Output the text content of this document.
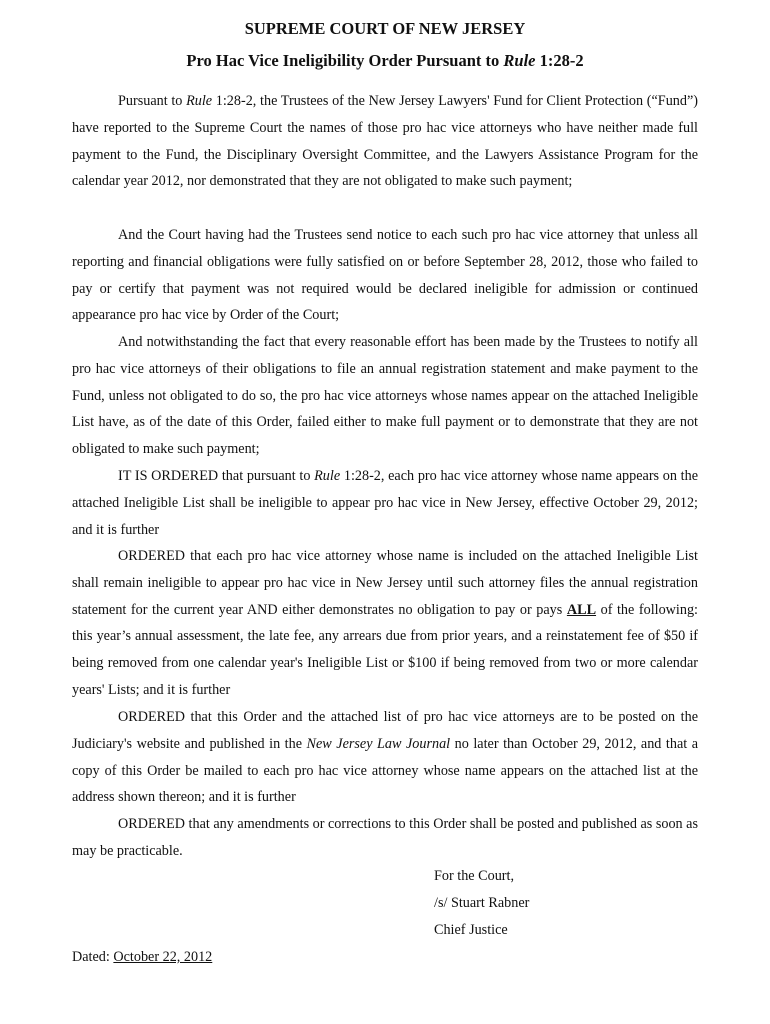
SUPREME COURT OF NEW JERSEY
Pro Hac Vice Ineligibility Order Pursuant to Rule 1:28-2

Pursuant to Rule 1:28-2, the Trustees of the New Jersey Lawyers' Fund for Client Protection (“Fund”) have reported to the Supreme Court the names of those pro hac vice attorneys who have neither made full payment to the Fund, the Disciplinary Oversight Committee, and the Lawyers Assistance Program for the calendar year 2012, nor demonstrated that they are not obligated to make such payment;

And the Court having had the Trustees send notice to each such pro hac vice attorney that unless all reporting and financial obligations were fully satisfied on or before September 28, 2012, those who failed to pay or certify that payment was not required would be declared ineligible for admission or continued appearance pro hac vice by Order of the Court;

And notwithstanding the fact that every reasonable effort has been made by the Trustees to notify all pro hac vice attorneys of their obligations to file an annual registration statement and make payment to the Fund, unless not obligated to do so, the pro hac vice attorneys whose names appear on the attached Ineligible List have, as of the date of this Order, failed either to make full payment or to demonstrate that they are not obligated to make such payment;

IT IS ORDERED that pursuant to Rule 1:28-2, each pro hac vice attorney whose name appears on the attached Ineligible List shall be ineligible to appear pro hac vice in New Jersey, effective October 29, 2012; and it is further

ORDERED that each pro hac vice attorney whose name is included on the attached Ineligible List shall remain ineligible to appear pro hac vice in New Jersey until such attorney files the annual registration statement for the current year AND either demonstrates no obligation to pay or pays ALL of the following: this year’s annual assessment, the late fee, any arrears due from prior years, and a reinstatement fee of $50 if being removed from one calendar year's Ineligible List or $100 if being removed from two or more calendar years' Lists; and it is further

ORDERED that this Order and the attached list of pro hac vice attorneys are to be posted on the Judiciary's website and published in the New Jersey Law Journal no later than October 29, 2012, and that a copy of this Order be mailed to each pro hac vice attorney whose name appears on the attached list at the address shown thereon; and it is further

ORDERED that any amendments or corrections to this Order shall be posted and published as soon as may be practicable.

For the Court,
/s/ Stuart Rabner
Chief Justice
Dated: October 22, 2012
